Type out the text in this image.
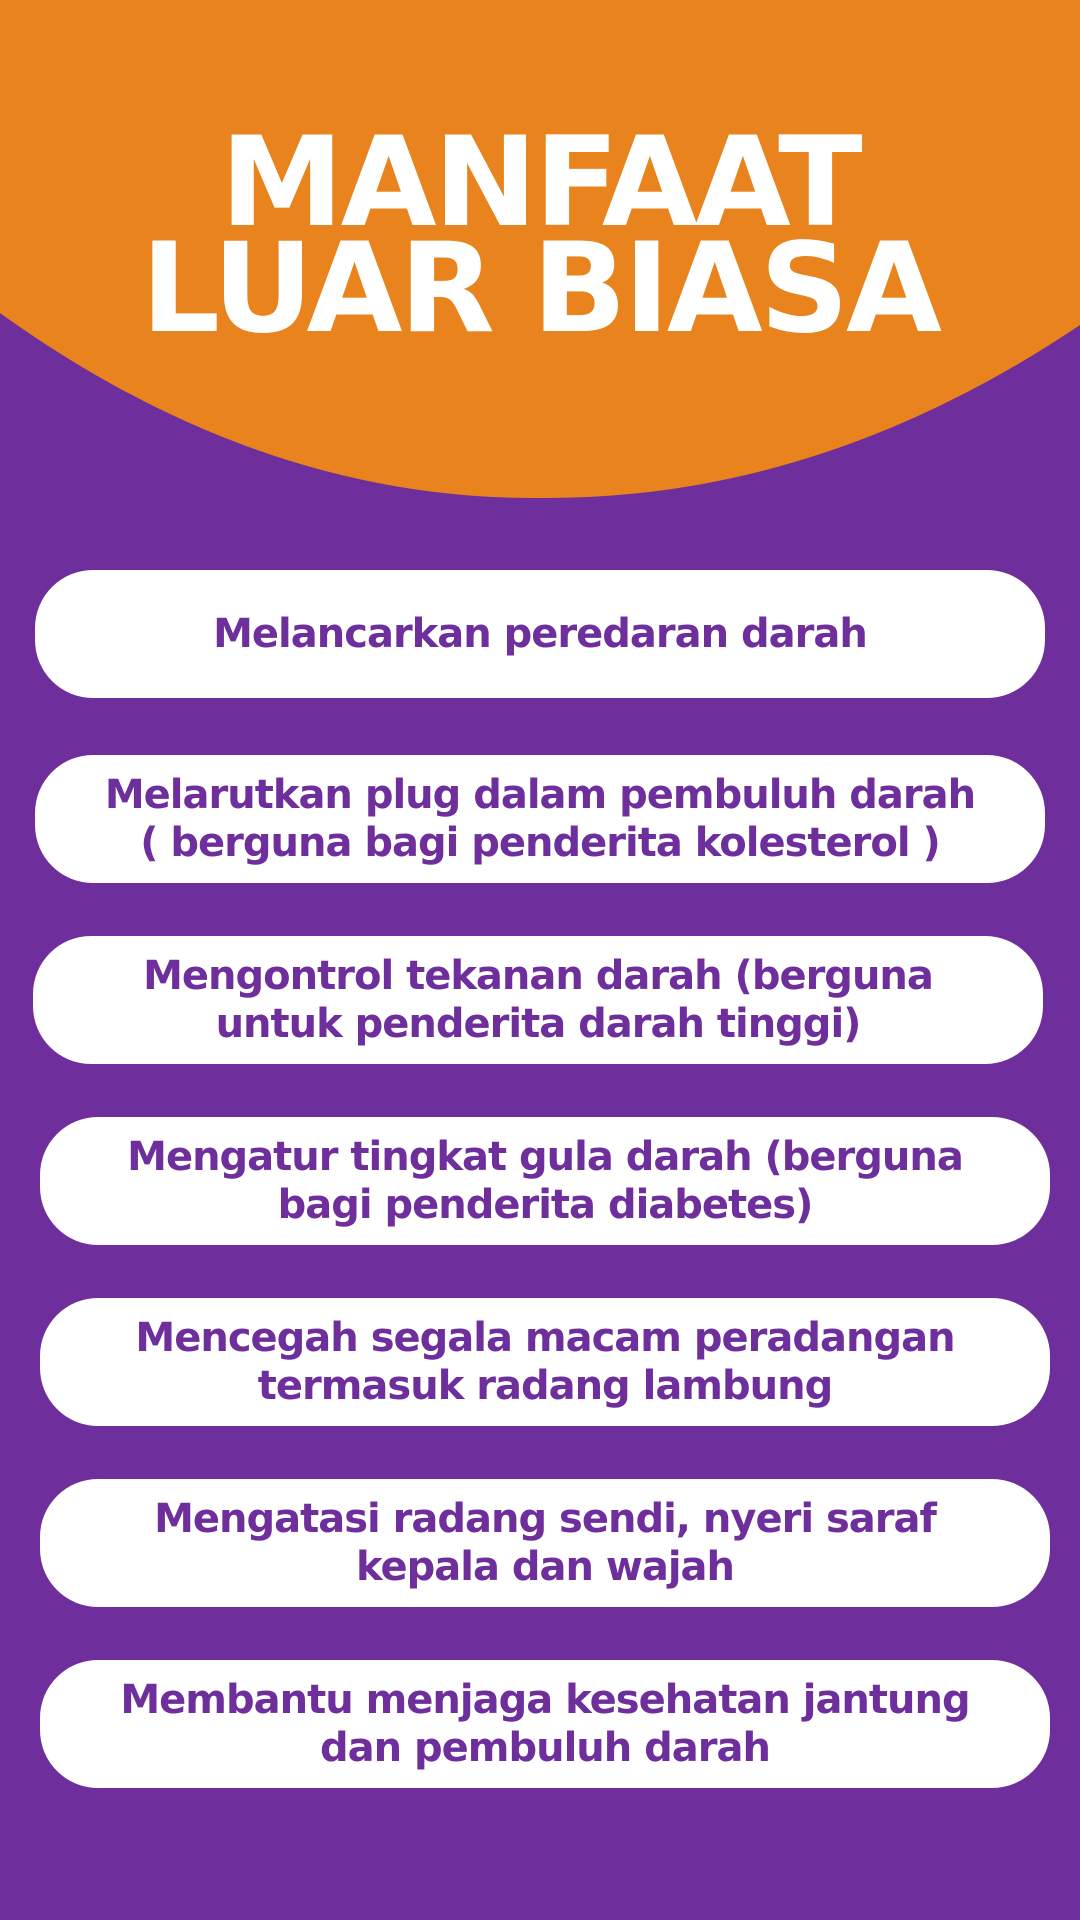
MANFAAT
LUAR BIASA
Melancarkan peredaran darah
Melarutkan plug dalam pembuluh darah
( berguna bagi penderita kolesterol )
Mengontrol tekanan darah (berguna
untuk penderita darah tinggi)
Mengatur tingkat gula darah (berguna
bagi penderita diabetes)
Mencegah segala macam peradangan
termasuk radang lambung
Mengatasi radang sendi, nyeri saraf
kepala dan wajah
Membantu menjaga kesehatan jantung
dan pembuluh darah
